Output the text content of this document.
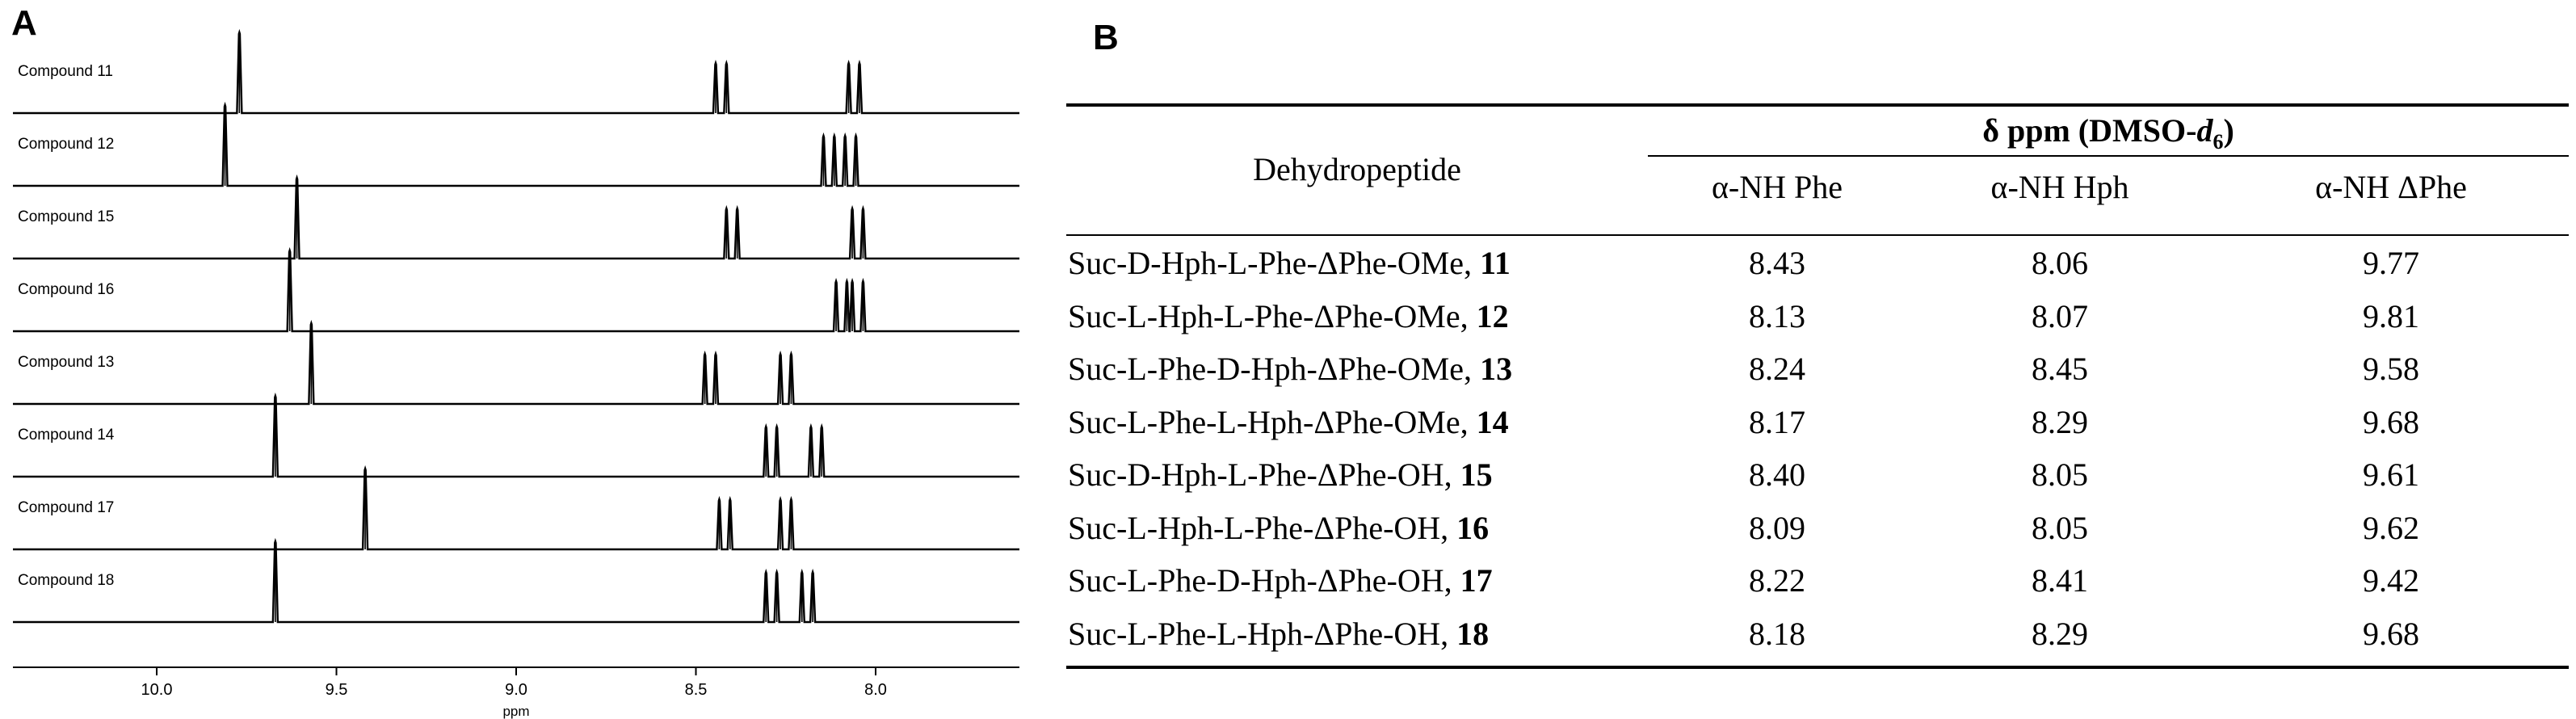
A
Compound 11
Compound 12
Compound 15
Compound 16
Compound 13
Compound 14
Compound 17
Compound 18
10.0	9.5	9.0	8.5	8.0
ppm
B
δ ppm $(DMSO-d_6)$
Dehydropeptide	α-NH Phe	α-NH Hph	α-NH ΔPhe
Suc-D-Hph-L-Phe-ΔPhe-OMe, 11	8.43	8.06	9.77
Suc-L-Hph-L-Phe-ΔPhe-OMe, 12	8.13	8.07	9.81
Suc-L-Phe-D-Hph-ΔPhe-OMe, 13	8.24	8.45	9.58
Suc-L-Phe-L-Hph-ΔPhe-OMe, 14	8.17	8.29	9.68
Suc-D-Hph-L-Phe-ΔPhe-OH, 15	8.40	8.05	9.61
Suc-L-Hph-L-Phe-ΔPhe-OH, 16	8.09	8.05	9.62
Suc-L-Phe-D-Hph-ΔPhe-OH, 17	8.22	8.41	9.42
Suc-L-Phe-L-Hph-ΔPhe-OH, 18	8.18	8.29	9.68
